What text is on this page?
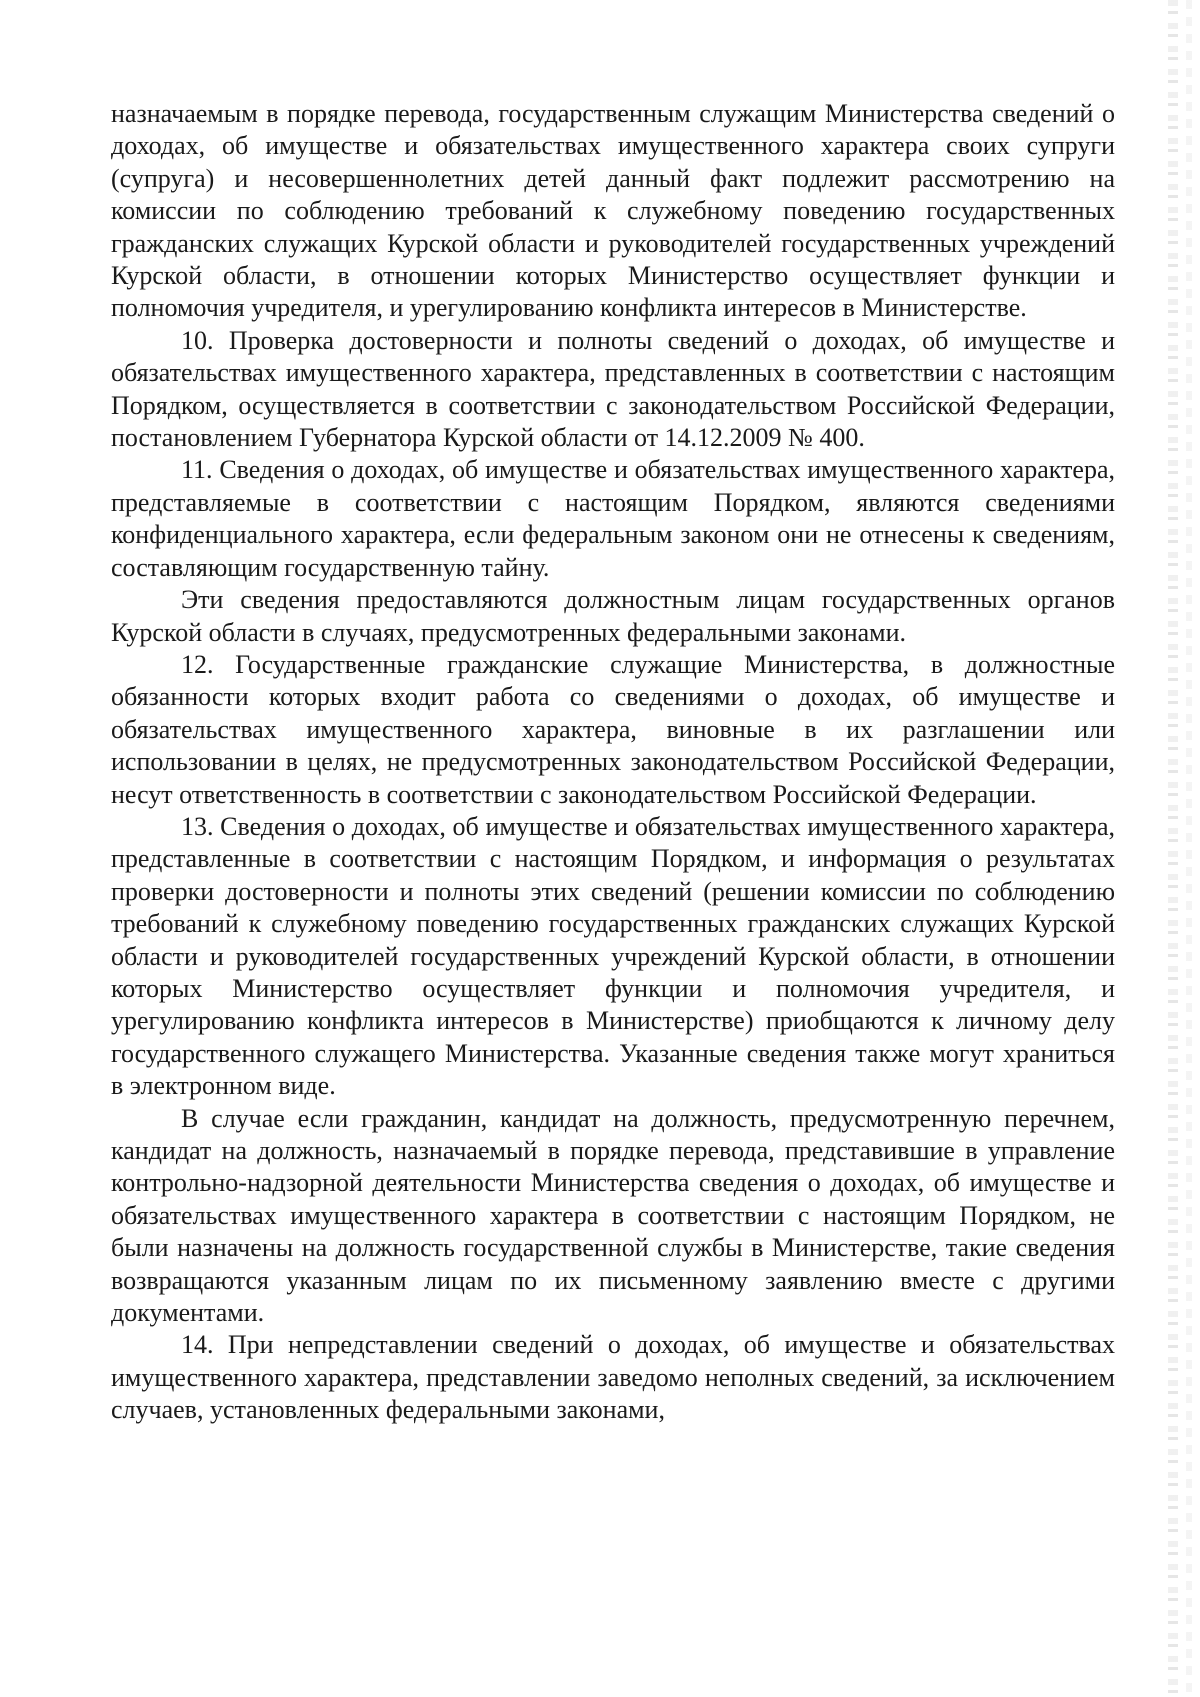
назначаемым в порядке перевода, государственным служащим Министерства сведений о доходах, об имуществе и обязательствах имущественного характера своих супруги (супруга) и несовершеннолетних детей данный факт подлежит рассмотрению на комиссии по соблюдению требований к служебному поведению государственных гражданских служащих Курской области и руководителей государственных учреждений Курской области, в отношении которых Министерство осуществляет функции и полномочия учредителя, и урегулированию конфликта интересов в Министерстве.

10. Проверка достоверности и полноты сведений о доходах, об имуществе и обязательствах имущественного характера, представленных в соответствии с настоящим Порядком, осуществляется в соответствии с законодательством Российской Федерации, постановлением Губернатора Курской области от 14.12.2009 № 400.

11. Сведения о доходах, об имуществе и обязательствах имущественного характера, представляемые в соответствии с настоящим Порядком, являются сведениями конфиденциального характера, если федеральным законом они не отнесены к сведениям, составляющим государственную тайну.

Эти сведения предоставляются должностным лицам государственных органов Курской области в случаях, предусмотренных федеральными законами.

12. Государственные гражданские служащие Министерства, в должностные обязанности которых входит работа со сведениями о доходах, об имуществе и обязательствах имущественного характера, виновные в их разглашении или использовании в целях, не предусмотренных законодательством Российской Федерации, несут ответственность в соответствии с законодательством Российской Федерации.

13. Сведения о доходах, об имуществе и обязательствах имущественного характера, представленные в соответствии с настоящим Порядком, и информация о результатах проверки достоверности и полноты этих сведений (решении комиссии по соблюдению требований к служебному поведению государственных гражданских служащих Курской области и руководителей государственных учреждений Курской области, в отношении которых Министерство осуществляет функции и полномочия учредителя, и урегулированию конфликта интересов в Министерстве) приобщаются к личному делу государственного служащего Министерства. Указанные сведения также могут храниться в электронном виде.

В случае если гражданин, кандидат на должность, предусмотренную перечнем, кандидат на должность, назначаемый в порядке перевода, представившие в управление контрольно-надзорной деятельности Министерства сведения о доходах, об имуществе и обязательствах имущественного характера в соответствии с настоящим Порядком, не были назначены на должность государственной службы в Министерстве, такие сведения возвращаются указанным лицам по их письменному заявлению вместе с другими документами.

14. При непредставлении сведений о доходах, об имуществе и обязательствах имущественного характера, представлении заведомо неполных сведений, за исключением случаев, установленных федеральными законами,
